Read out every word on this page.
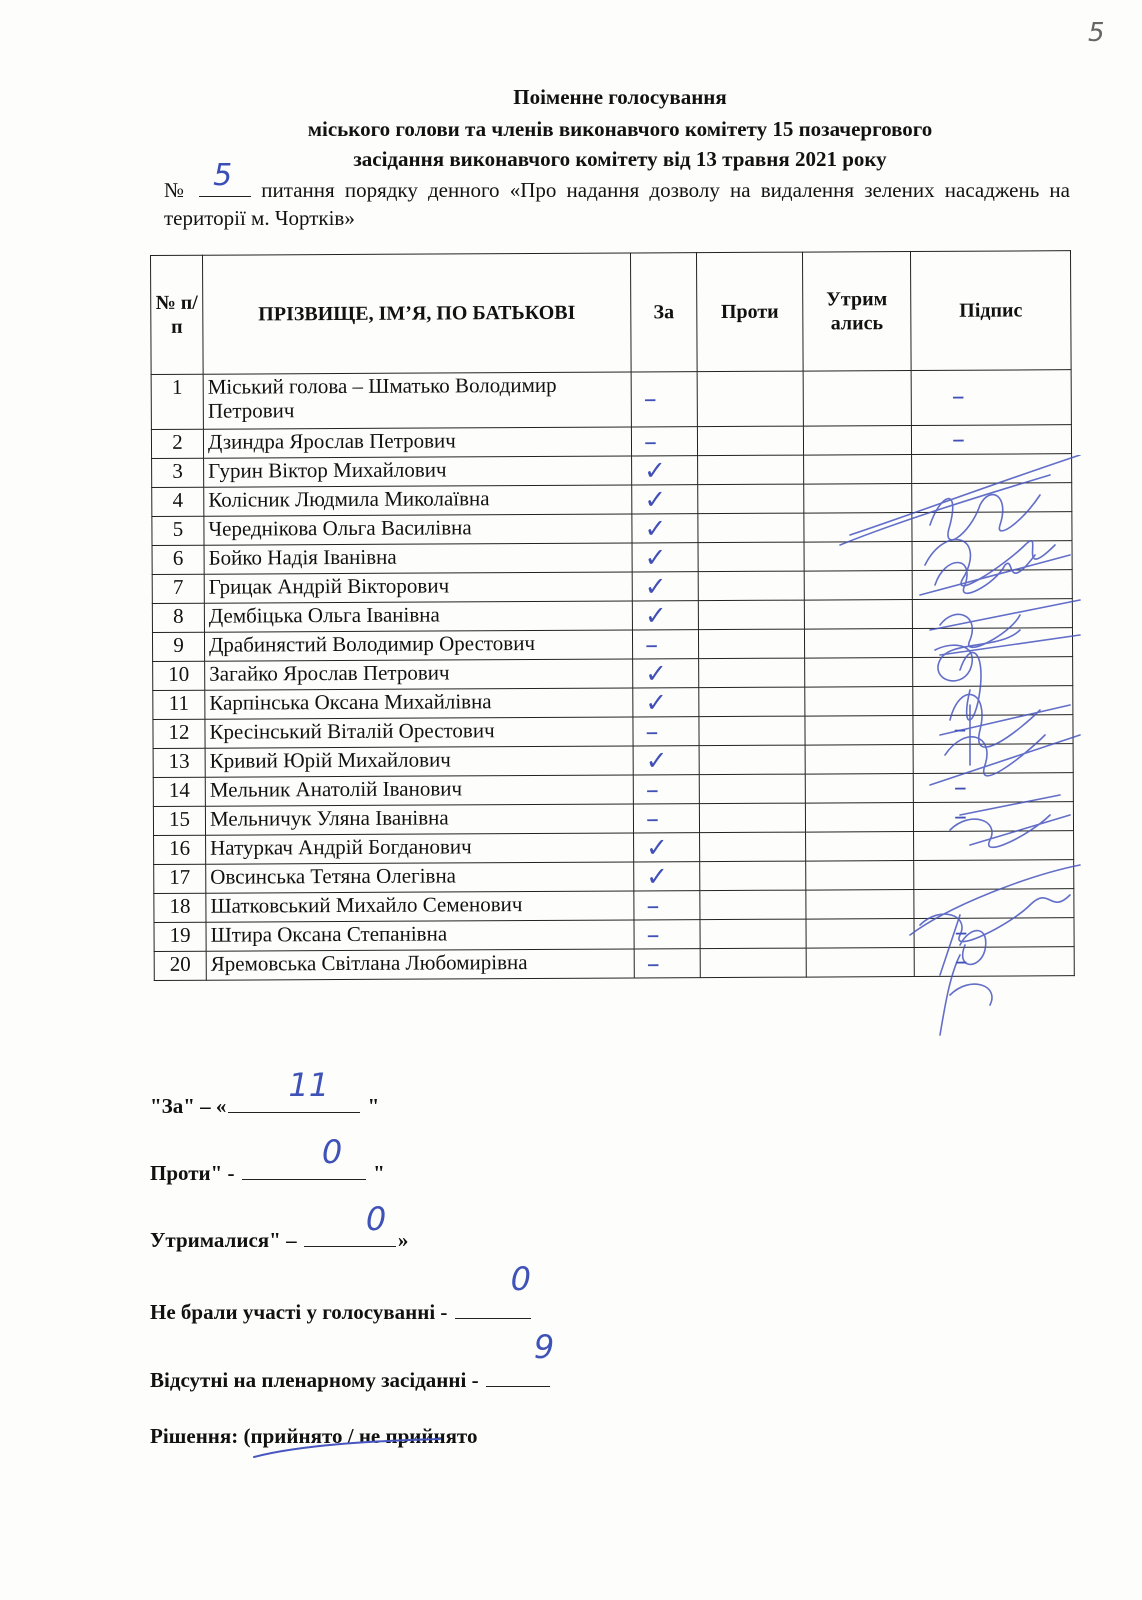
5
Поіменне голосування
міського голови та членів виконавчого комітету 15 позачергового
засідання виконавчого комітету від 13 травня 2021 року
№ 5 питання порядку денного «Про надання дозволу на видалення зелених насаджень на території м. Чортків»
№ п/п	ПРІЗВИЩЕ, ІМ’Я, ПО БАТЬКОВІ	За	Проти	Утрим ались	Підпис
1	Міський голова – Шматько Володимир Петрович	–			–

2	Дзиндра Ярослав Петрович	–			–

3	Гурин Віктор Михайлович	✓			

4	Колісник Людмила Миколаївна	✓			

5	Череднікова Ольга Василівна	✓			

6	Бойко Надія Іванівна	✓			

7	Грицак Андрій Вікторович	✓			

8	Дембіцька Ольга Іванівна	✓			

9	Драбинястий Володимир Орестович	–			

10	Загайко Ярослав Петрович	✓			

11	Карпінська Оксана Михайлівна	✓			

12	Кресінський Віталій Орестович	–			–

13	Кривий Юрій Михайлович	✓			

14	Мельник Анатолій Іванович	–			–

15	Мельничук Уляна Іванівна	–			–

16	Натуркач Андрій Богданович	✓			

17	Овсинська Тетяна Олегівна	✓			

18	Шатковський Михайло Семенович	–			

19	Штира Оксана Степанівна	–			–

20	Яремовська Світлана Любомирівна	–			–
"За" – «
11
"
Проти" -
0
"
Утрималися" –
0
»
Не брали участі у голосуванні -
0
Відсутні на пленарному засіданні -
9
Рішення: (прийнято / не прийнято
